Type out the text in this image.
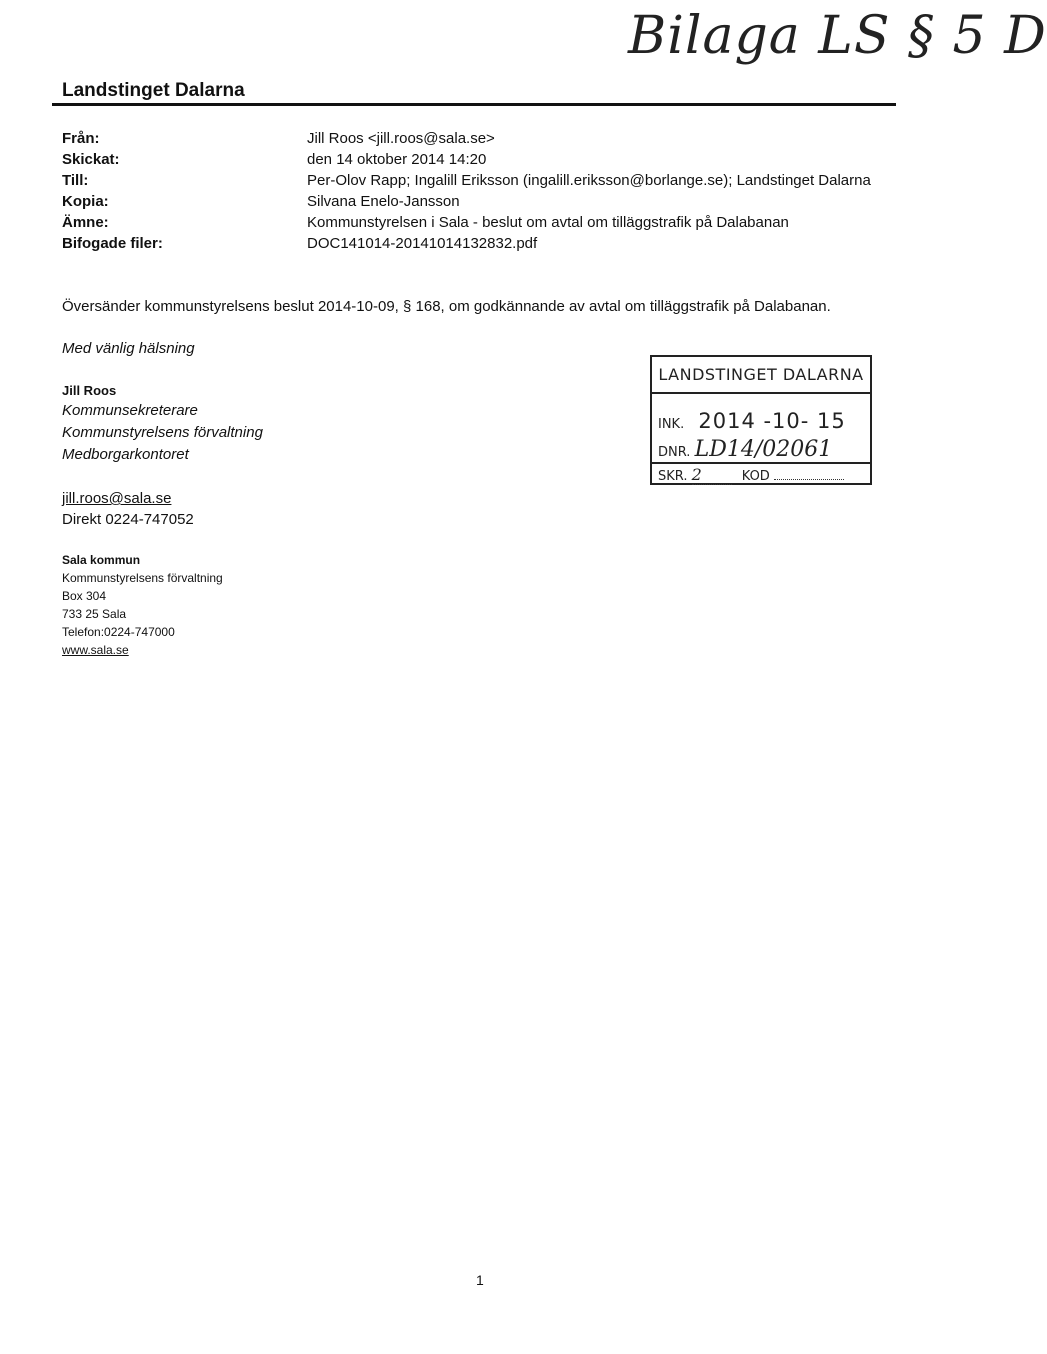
Bilaga LS § 5 D
Landstinget Dalarna
Från:	Jill Roos <jill.roos@sala.se>
Skickat:	den 14 oktober 2014 14:20
Till:	Per-Olov Rapp; Ingalill Eriksson (ingalill.eriksson@borlange.se); Landstinget Dalarna
Kopia:	Silvana Enelo-Jansson
Ämne:	Kommunstyrelsen i Sala - beslut om avtal om tilläggstrafik på Dalabanan
Bifogade filer:	DOC141014-20141014132832.pdf
Översänder kommunstyrelsens beslut 2014-10-09, § 168, om godkännande av avtal om tilläggstrafik på Dalabanan.
Med vänlig hälsning
Jill Roos
Kommunsekreterare
Kommunstyrelsens förvaltning
Medborgarkontoret
jill.roos@sala.se
Direkt 0224-747052
Sala kommun
Kommunstyrelsens förvaltning
Box 304
733 25 Sala
Telefon:0224-747000
www.sala.se
LANDSTINGET DALARNA
INK. 2014 -10- 15
DNR. LD14/02061
SKR. 2	KOD
1
